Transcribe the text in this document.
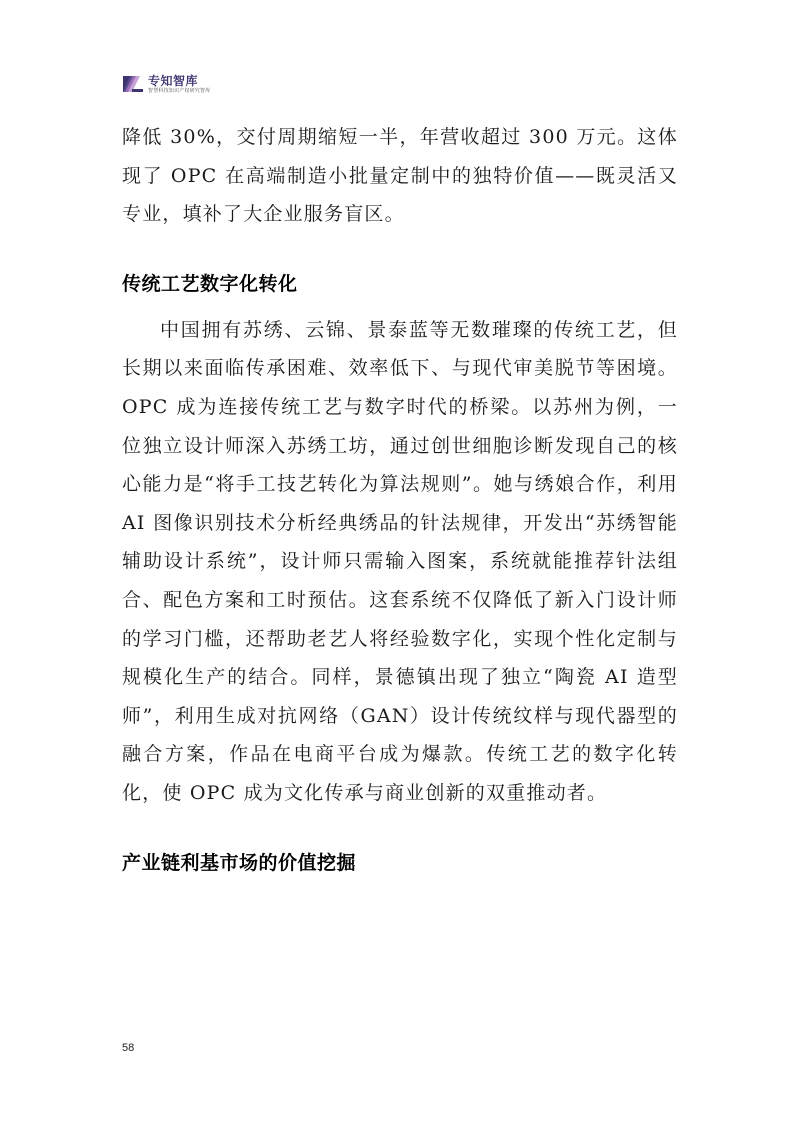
专知智库
智慧科技知识产权研究智库

降低 30%，交付周期缩短一半，年营收超过 300 万元。这体现了 OPC 在高端制造小批量定制中的独特价值——既灵活又专业，填补了大企业服务盲区。

传统工艺数字化转化

中国拥有苏绣、云锦、景泰蓝等无数璀璨的传统工艺，但长期以来面临传承困难、效率低下、与现代审美脱节等困境。OPC 成为连接传统工艺与数字时代的桥梁。以苏州为例，一位独立设计师深入苏绣工坊，通过创世细胞诊断发现自己的核心能力是“将手工技艺转化为算法规则”。她与绣娘合作，利用 AI 图像识别技术分析经典绣品的针法规律，开发出“苏绣智能辅助设计系统”，设计师只需输入图案，系统就能推荐针法组合、配色方案和工时预估。这套系统不仅降低了新入门设计师的学习门槛，还帮助老艺人将经验数字化，实现个性化定制与规模化生产的结合。同样，景德镇出现了独立“陶瓷 AI 造型师”，利用生成对抗网络（GAN）设计传统纹样与现代器型的融合方案，作品在电商平台成为爆款。传统工艺的数字化转化，使 OPC 成为文化传承与商业创新的双重推动者。

产业链利基市场的价值挖掘
58
